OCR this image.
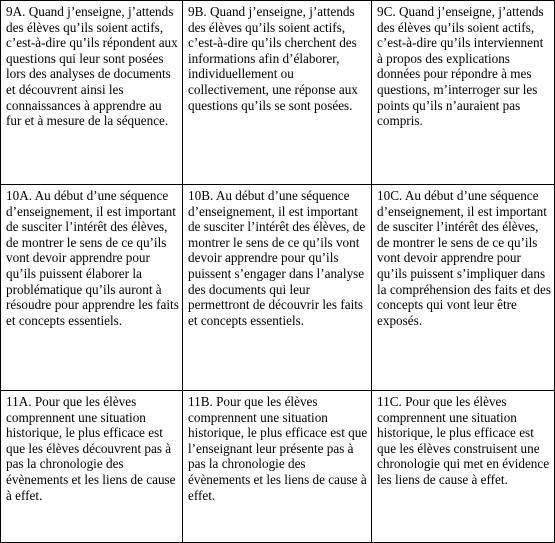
9A. Quand j’enseigne, j’attends des élèves qu’ils soient actifs, c’est-à-dire qu’ils répondent aux questions qui leur sont posées lors des analyses de documents et découvrent ainsi les connaissances à apprendre au fur et à mesure de la séquence.

9B. Quand j’enseigne, j’attends des élèves qu’ils soient actifs, c’est-à-dire qu’ils cherchent des informations afin d’élaborer, individuellement ou collectivement, une réponse aux questions qu’ils se sont posées.

9C. Quand j’enseigne, j’attends des élèves qu’ils soient actifs, c’est-à-dire qu’ils interviennent à propos des explications données pour répondre à mes questions, m’interroger sur les points qu’ils n’auraient pas compris.

10A. Au début d’une séquence d’enseignement, il est important de susciter l’intérêt des élèves, de montrer le sens de ce qu’ils vont devoir apprendre pour qu’ils puissent élaborer la problématique qu’ils auront à résoudre pour apprendre les faits et concepts essentiels.

10B. Au début d’une séquence d’enseignement, il est important de susciter l’intérêt des élèves, de montrer le sens de ce qu’ils vont devoir apprendre pour qu’ils puissent s’engager dans l’analyse des documents qui leur permettront de découvrir les faits et concepts essentiels.

10C. Au début d’une séquence d’enseignement, il est important de susciter l’intérêt des élèves, de montrer le sens de ce qu’ils vont devoir apprendre pour qu’ils puissent s’impliquer dans la compréhension des faits et des concepts qui vont leur être exposés.

11A. Pour que les élèves comprennent une situation historique, le plus efficace est que les élèves découvrent pas à pas la chronologie des évènements et les liens de cause à effet.

11B. Pour que les élèves comprennent une situation historique, le plus efficace est que l’enseignant leur présente pas à pas la chronologie des évènements et les liens de cause à effet.

11C. Pour que les élèves comprennent une situation historique, le plus efficace est que les élèves construisent une chronologie qui met en évidence les liens de cause à effet.
